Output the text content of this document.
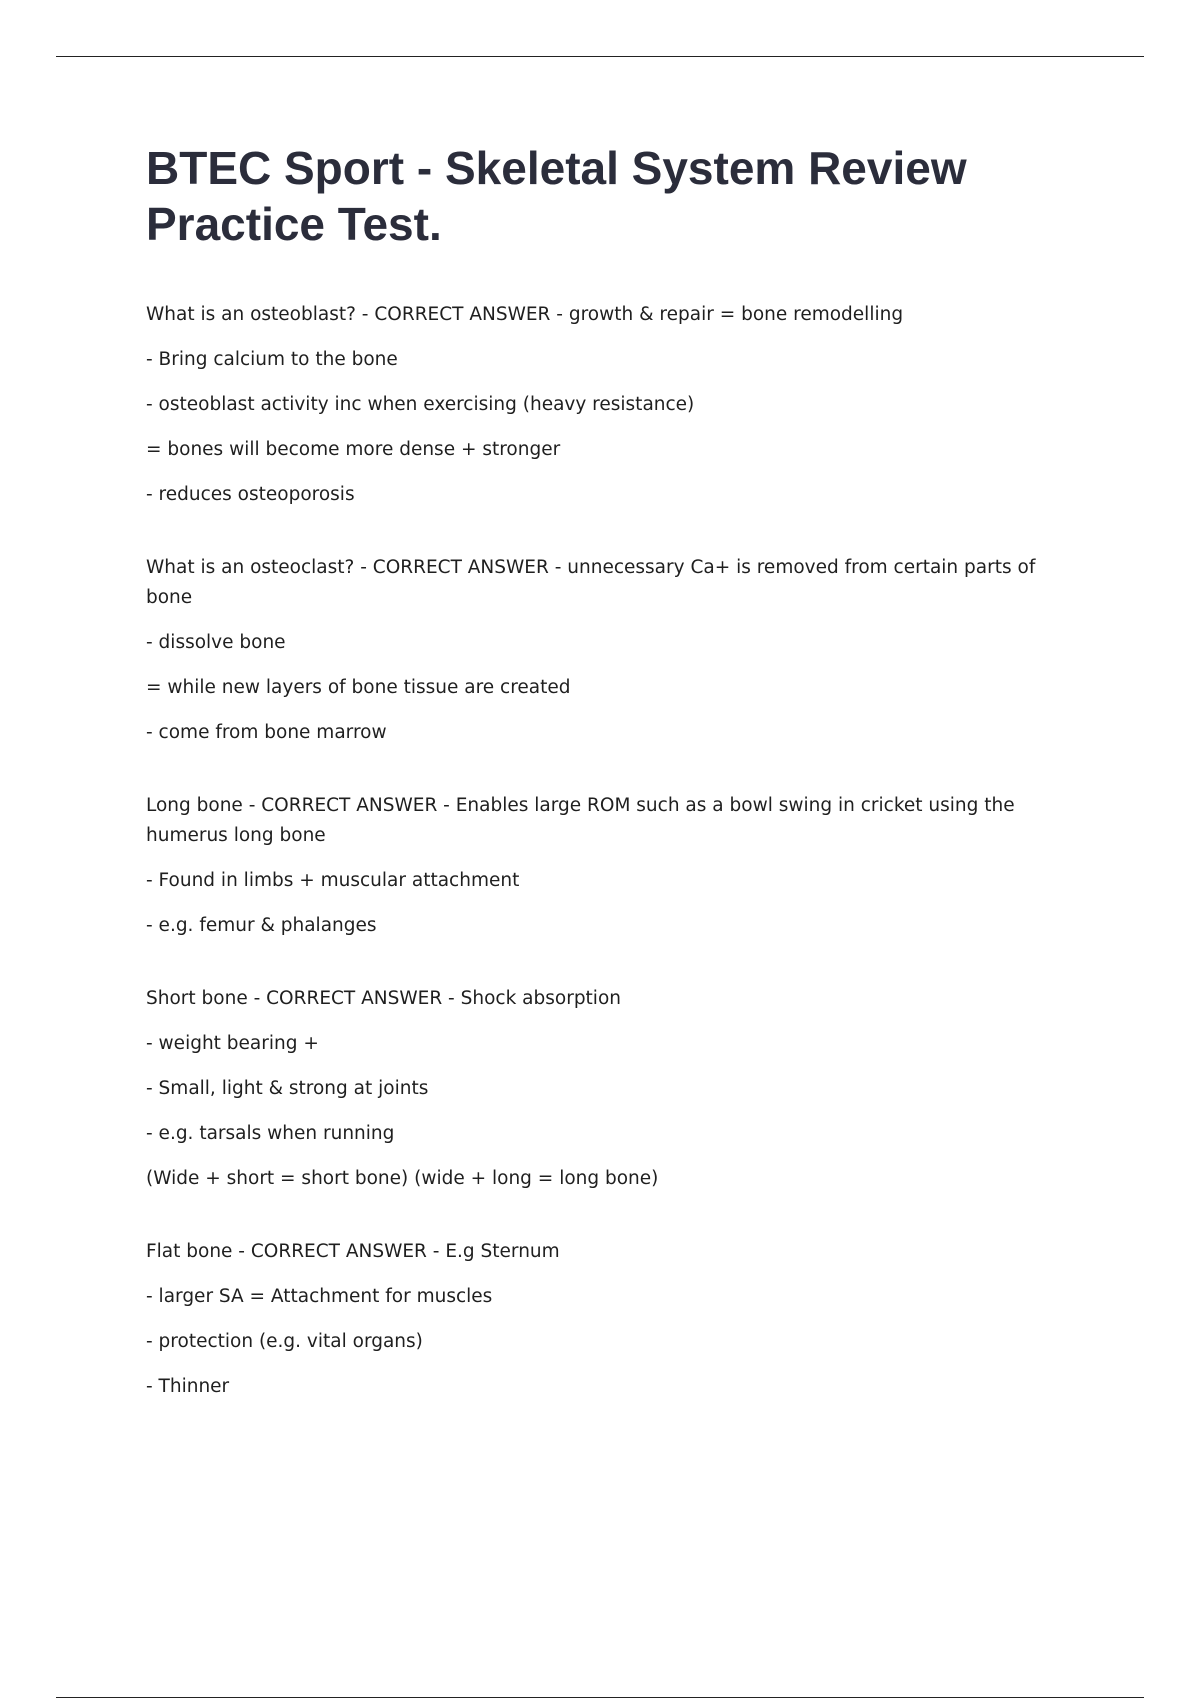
BTEC Sport - Skeletal System Review Practice Test.

What is an osteoblast? - CORRECT ANSWER - growth & repair = bone remodelling

- Bring calcium to the bone

- osteoblast activity inc when exercising (heavy resistance)

= bones will become more dense + stronger

- reduces osteoporosis

What is an osteoclast? - CORRECT ANSWER - unnecessary Ca+ is removed from certain parts of bone

- dissolve bone

= while new layers of bone tissue are created

- come from bone marrow

Long bone - CORRECT ANSWER - Enables large ROM such as a bowl swing in cricket using the humerus long bone

- Found in limbs + muscular attachment

- e.g. femur & phalanges

Short bone - CORRECT ANSWER - Shock absorption

- weight bearing +

- Small, light & strong at joints

- e.g. tarsals when running

(Wide + short = short bone) (wide + long = long bone)

Flat bone - CORRECT ANSWER - E.g Sternum

- larger SA = Attachment for muscles

- protection (e.g. vital organs)

- Thinner
